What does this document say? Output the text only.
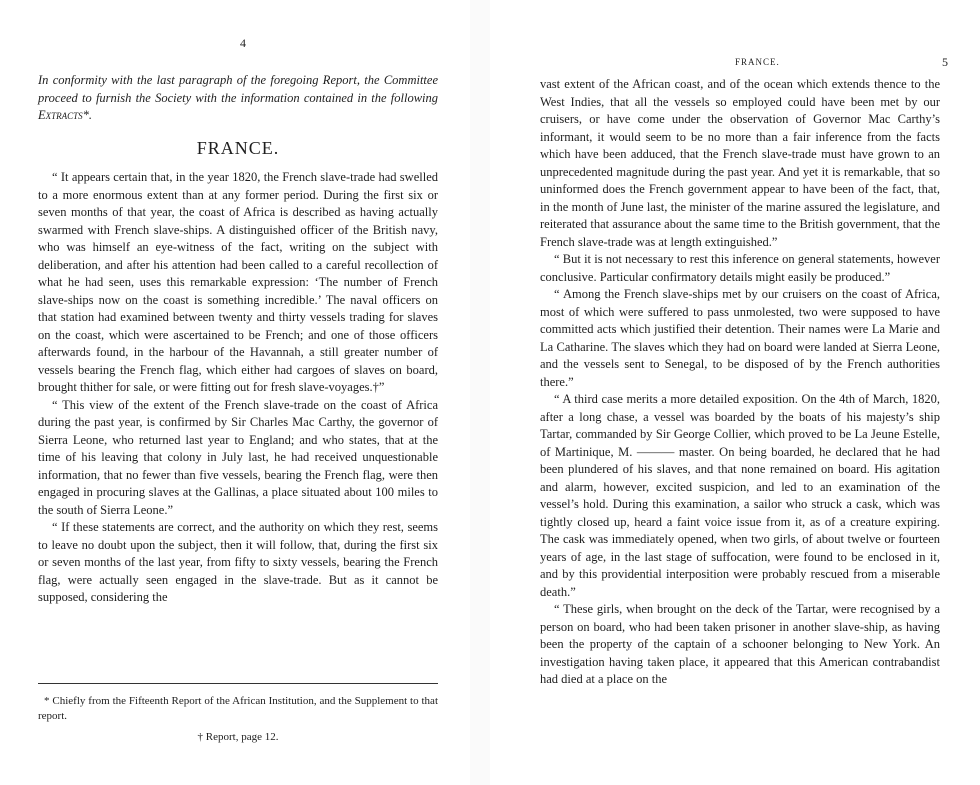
4

In conformity with the last paragraph of the foregoing Report, the Committee proceed to furnish the Society with the information contained in the following Extracts*.

FRANCE.

“ It appears certain that, in the year 1820, the French slave-trade had swelled to a more enormous extent than at any former period. During the first six or seven months of that year, the coast of Africa is described as having actually swarmed with French slave-ships. A distinguished officer of the British navy, who was himself an eye-witness of the fact, writing on the subject with deliberation, and after his attention had been called to a careful recollection of what he had seen, uses this remarkable expression: ‘The number of French slave-ships now on the coast is something incredible.’ The naval officers on that station had examined between twenty and thirty vessels trading for slaves on the coast, which were ascertained to be French; and one of those officers afterwards found, in the harbour of the Havannah, a still greater number of vessels bearing the French flag, which either had cargoes of slaves on board, brought thither for sale, or were fitting out for fresh slave-voyages.†”

“ This view of the extent of the French slave-trade on the coast of Africa during the past year, is confirmed by Sir Charles Mac Carthy, the governor of Sierra Leone, who returned last year to England; and who states, that at the time of his leaving that colony in July last, he had received unquestionable information, that no fewer than five vessels, bearing the French flag, were then engaged in procuring slaves at the Gallinas, a place situated about 100 miles to the south of Sierra Leone.”

“ If these statements are correct, and the authority on which they rest, seems to leave no doubt upon the subject, then it will follow, that, during the first six or seven months of the last year, from fifty to sixty vessels, bearing the French flag, were actually seen engaged in the slave-trade. But as it cannot be supposed, considering the

* Chiefly from the Fifteenth Report of the African Institution, and the Supplement to that report.

† Report, page 12.

FRANCE.	5

vast extent of the African coast, and of the ocean which extends thence to the West Indies, that all the vessels so employed could have been met by our cruisers, or have come under the observation of Governor Mac Carthy’s informant, it would seem to be no more than a fair inference from the facts which have been adduced, that the French slave-trade must have grown to an unprecedented magnitude during the past year. And yet it is remarkable, that so uninformed does the French government appear to have been of the fact, that, in the month of June last, the minister of the marine assured the legislature, and reiterated that assurance about the same time to the British government, that the French slave-trade was at length extinguished.”

“ But it is not necessary to rest this inference on general statements, however conclusive. Particular confirmatory details might easily be produced.”

“ Among the French slave-ships met by our cruisers on the coast of Africa, most of which were suffered to pass unmolested, two were supposed to have committed acts which justified their detention. Their names were La Marie and La Catharine. The slaves which they had on board were landed at Sierra Leone, and the vessels sent to Senegal, to be disposed of by the French authorities there.”

“ A third case merits a more detailed exposition. On the 4th of March, 1820, after a long chase, a vessel was boarded by the boats of his majesty’s ship Tartar, commanded by Sir George Collier, which proved to be La Jeune Estelle, of Martinique, M. ——— master. On being boarded, he declared that he had been plundered of his slaves, and that none remained on board. His agitation and alarm, however, excited suspicion, and led to an examination of the vessel’s hold. During this examination, a sailor who struck a cask, which was tightly closed up, heard a faint voice issue from it, as of a creature expiring. The cask was immediately opened, when two girls, of about twelve or fourteen years of age, in the last stage of suffocation, were found to be enclosed in it, and by this providential interposition were probably rescued from a miserable death.”

“ These girls, when brought on the deck of the Tartar, were recognised by a person on board, who had been taken prisoner in another slave-ship, as having been the property of the captain of a schooner belonging to New York. An investigation having taken place, it appeared that this American contrabandist had died at a place on the
